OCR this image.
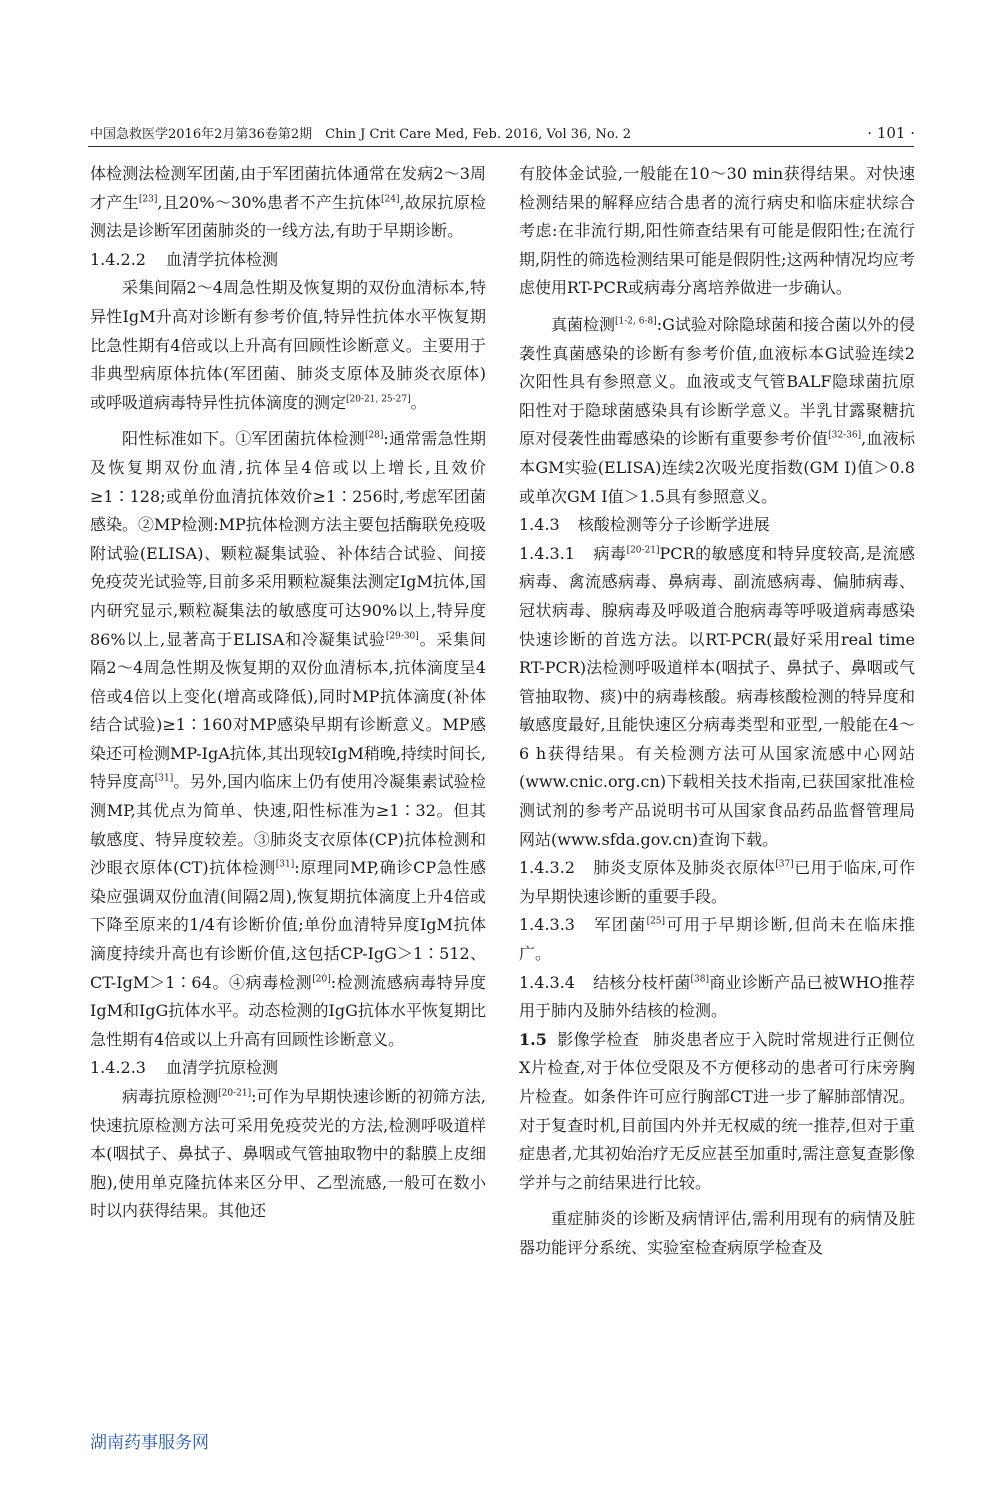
中国急救医学2016年2月第36卷第2期　Chin J Crit Care Med, Feb. 2016, Vol 36, No. 2	· 101 ·

体检测法检测军团菌,由于军团菌抗体通常在发病2～3周才产生[23],且20%～30%患者不产生抗体[24],故尿抗原检测法是诊断军团菌肺炎的一线方法,有助于早期诊断。

1.4.2.2 血清学抗体检测

采集间隔2～4周急性期及恢复期的双份血清标本,特异性IgM升高对诊断有参考价值,特异性抗体水平恢复期比急性期有4倍或以上升高有回顾性诊断意义。主要用于非典型病原体抗体(军团菌、肺炎支原体及肺炎衣原体)或呼吸道病毒特异性抗体滴度的测定[20-21, 25-27]。

阳性标准如下。①军团菌抗体检测[28]:通常需急性期及恢复期双份血清,抗体呈4倍或以上增长,且效价≥1∶128;或单份血清抗体效价≥1∶256时,考虑军团菌感染。②MP检测:MP抗体检测方法主要包括酶联免疫吸附试验(ELISA)、颗粒凝集试验、补体结合试验、间接免疫荧光试验等,目前多采用颗粒凝集法测定IgM抗体,国内研究显示,颗粒凝集法的敏感度可达90%以上,特异度86%以上,显著高于ELISA和冷凝集试验[29-30]。采集间隔2～4周急性期及恢复期的双份血清标本,抗体滴度呈4倍或4倍以上变化(增高或降低),同时MP抗体滴度(补体结合试验)≥1∶160对MP感染早期有诊断意义。MP感染还可检测MP-IgA抗体,其出现较IgM稍晚,持续时间长,特异度高[31]。另外,国内临床上仍有使用冷凝集素试验检测MP,其优点为简单、快速,阳性标准为≥1∶32。但其敏感度、特异度较差。③肺炎支衣原体(CP)抗体检测和沙眼衣原体(CT)抗体检测[31]:原理同MP,确诊CP急性感染应强调双份血清(间隔2周),恢复期抗体滴度上升4倍或下降至原来的1/4有诊断价值;单份血清特异度IgM抗体滴度持续升高也有诊断价值,这包括CP-IgG＞1∶512、CT-IgM＞1∶64。④病毒检测[20]:检测流感病毒特异度IgM和IgG抗体水平。动态检测的IgG抗体水平恢复期比急性期有4倍或以上升高有回顾性诊断意义。

1.4.2.3 血清学抗原检测

病毒抗原检测[20-21]:可作为早期快速诊断的初筛方法,快速抗原检测方法可采用免疫荧光的方法,检测呼吸道样本(咽拭子、鼻拭子、鼻咽或气管抽取物中的黏膜上皮细胞),使用单克隆抗体来区分甲、乙型流感,一般可在数小时以内获得结果。其他还

有胶体金试验,一般能在10～30 min获得结果。对快速检测结果的解释应结合患者的流行病史和临床症状综合考虑:在非流行期,阳性筛查结果有可能是假阳性;在流行期,阴性的筛选检测结果可能是假阴性;这两种情况均应考虑使用RT-PCR或病毒分离培养做进一步确认。

真菌检测[1-2, 6-8]:G试验对除隐球菌和接合菌以外的侵袭性真菌感染的诊断有参考价值,血液标本G试验连续2次阳性具有参照意义。血液或支气管BALF隐球菌抗原阳性对于隐球菌感染具有诊断学意义。半乳甘露聚糖抗原对侵袭性曲霉感染的诊断有重要参考价值[32-36],血液标本GM实验(ELISA)连续2次吸光度指数(GM I)值＞0.8或单次GM I值＞1.5具有参照意义。

1.4.3 核酸检测等分子诊断学进展

1.4.3.1 病毒[20-21]PCR的敏感度和特异度较高,是流感病毒、禽流感病毒、鼻病毒、副流感病毒、偏肺病毒、冠状病毒、腺病毒及呼吸道合胞病毒等呼吸道病毒感染快速诊断的首选方法。以RT-PCR(最好采用real time RT-PCR)法检测呼吸道样本(咽拭子、鼻拭子、鼻咽或气管抽取物、痰)中的病毒核酸。病毒核酸检测的特异度和敏感度最好,且能快速区分病毒类型和亚型,一般能在4～6 h获得结果。有关检测方法可从国家流感中心网站(www.cnic.org.cn)下载相关技术指南,已获国家批准检测试剂的参考产品说明书可从国家食品药品监督管理局网站(www.sfda.gov.cn)查询下载。

1.4.3.2 肺炎支原体及肺炎衣原体[37]已用于临床,可作为早期快速诊断的重要手段。

1.4.3.3 军团菌[25]可用于早期诊断,但尚未在临床推广。

1.4.3.4 结核分枝杆菌[38]商业诊断产品已被WHO推荐用于肺内及肺外结核的检测。

1.5 影像学检查 肺炎患者应于入院时常规进行正侧位X片检查,对于体位受限及不方便移动的患者可行床旁胸片检查。如条件许可应行胸部CT进一步了解肺部情况。对于复查时机,目前国内外并无权威的统一推荐,但对于重症患者,尤其初始治疗无反应甚至加重时,需注意复查影像学并与之前结果进行比较。

重症肺炎的诊断及病情评估,需利用现有的病情及脏器功能评分系统、实验室检查病原学检查及

湖南药事服务网
